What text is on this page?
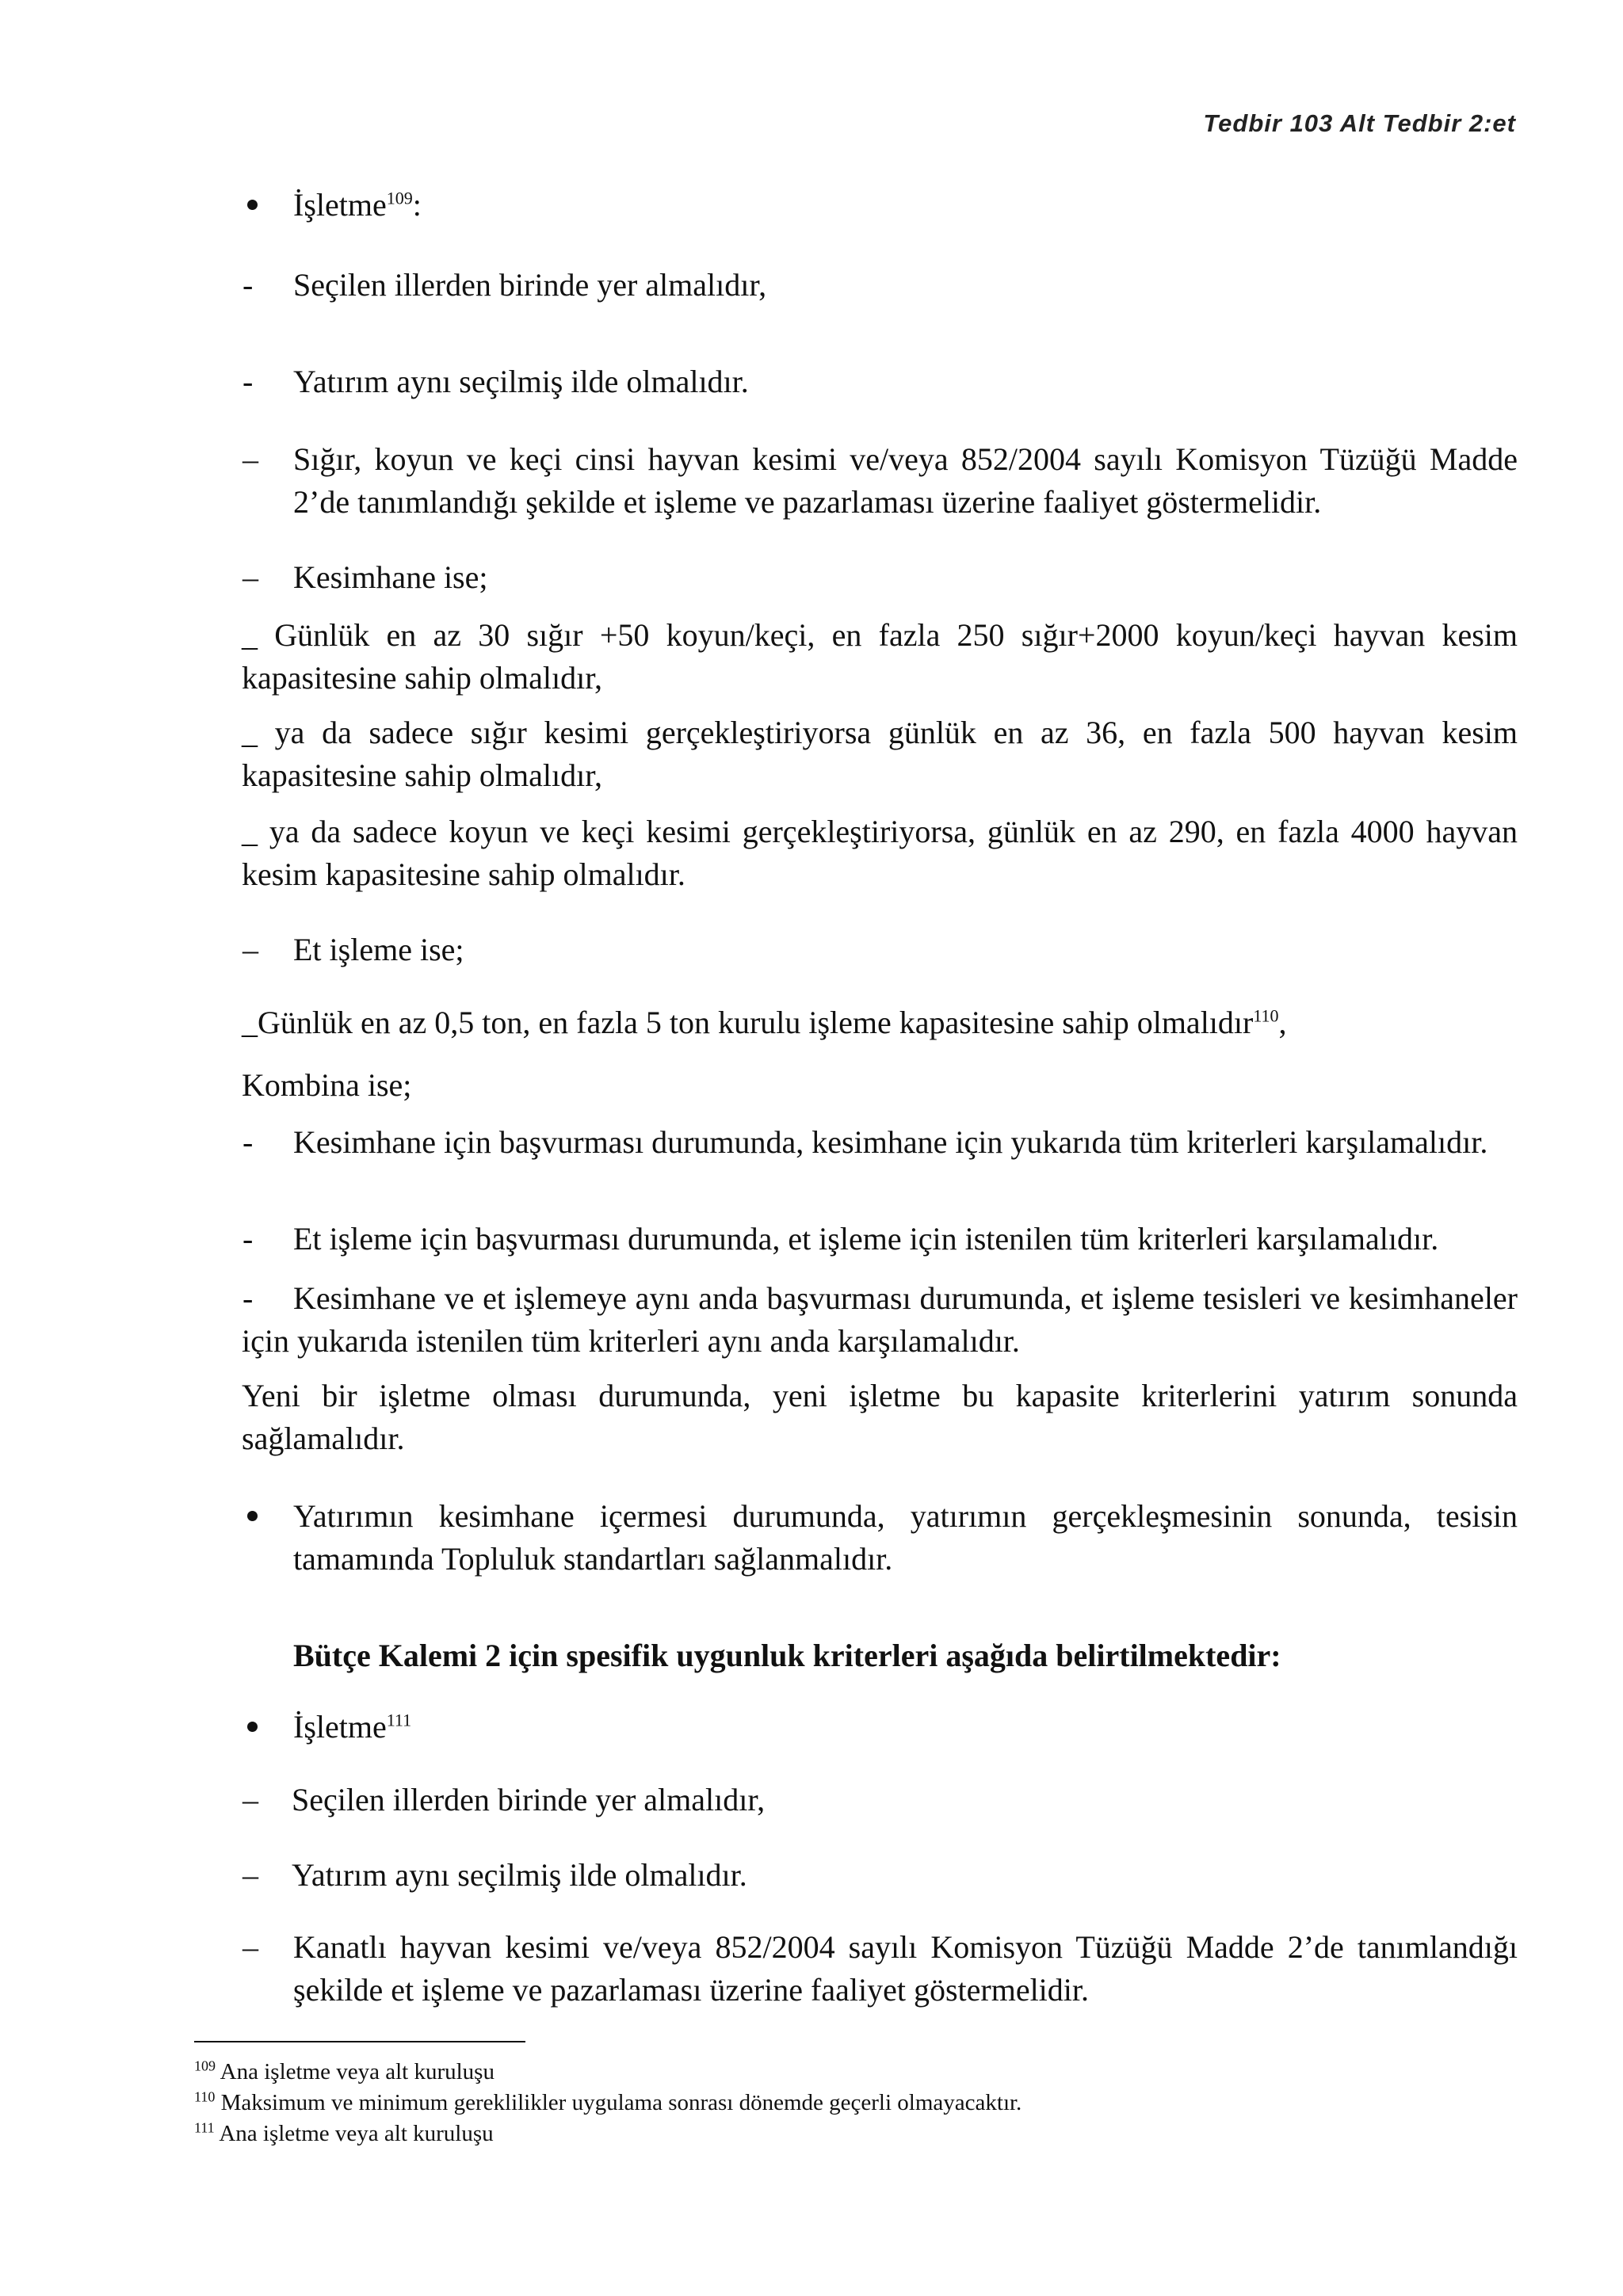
Tedbir 103 Alt Tedbir 2:et
İşletme$^{109}$:
- Seçilen illerden birinde yer almalıdır,
- Yatırım aynı seçilmiş ilde olmalıdır.
– Sığır, koyun ve keçi cinsi hayvan kesimi ve/veya 852/2004 sayılı Komisyon Tüzüğü Madde 2’de tanımlandığı şekilde et işleme ve pazarlaması üzerine faaliyet göstermelidir.
– Kesimhane ise;
_ Günlük en az 30 sığır +50 koyun/keçi, en fazla 250 sığır+2000 koyun/keçi hayvan kesim kapasitesine sahip olmalıdır,
_ ya da sadece sığır kesimi gerçekleştiriyorsa günlük en az 36, en fazla 500 hayvan kesim kapasitesine sahip olmalıdır,
_ ya da sadece koyun ve keçi kesimi gerçekleştiriyorsa, günlük en az 290, en fazla 4000 hayvan kesim kapasitesine sahip olmalıdır.
– Et işleme ise;
_Günlük en az 0,5 ton, en fazla 5 ton kurulu işleme kapasitesine sahip olmalıdır$^{110}$,
Kombina ise;
-	Kesimhane için başvurması durumunda, kesimhane için yukarıda tüm kriterleri karşılamalıdır.
- Et işleme için başvurması durumunda, et işleme için istenilen tüm kriterleri karşılamalıdır.
-	Kesimhane ve et işlemeye aynı anda başvurması durumunda, et işleme tesisleri ve kesimhaneler için yukarıda istenilen tüm kriterleri aynı anda karşılamalıdır.
Yeni bir işletme olması durumunda, yeni işletme bu kapasite kriterlerini yatırım sonunda sağlamalıdır.
Yatırımın kesimhane içermesi durumunda, yatırımın gerçekleşmesinin sonunda, tesisin tamamında Topluluk standartları sağlanmalıdır.
Bütçe Kalemi 2 için spesifik uygunluk kriterleri aşağıda belirtilmektedir:
İşletme$^{111}$
– Seçilen illerden birinde yer almalıdır,
– Yatırım aynı seçilmiş ilde olmalıdır.
– Kanatlı hayvan kesimi ve/veya 852/2004 sayılı Komisyon Tüzüğü Madde 2’de tanımlandığı şekilde et işleme ve pazarlaması üzerine faaliyet göstermelidir.
$^{109}$ Ana işletme veya alt kuruluşu
$^{110}$ Maksimum ve minimum gereklilikler uygulama sonrası dönemde geçerli olmayacaktır.
$^{111}$ Ana işletme veya alt kuruluşu
